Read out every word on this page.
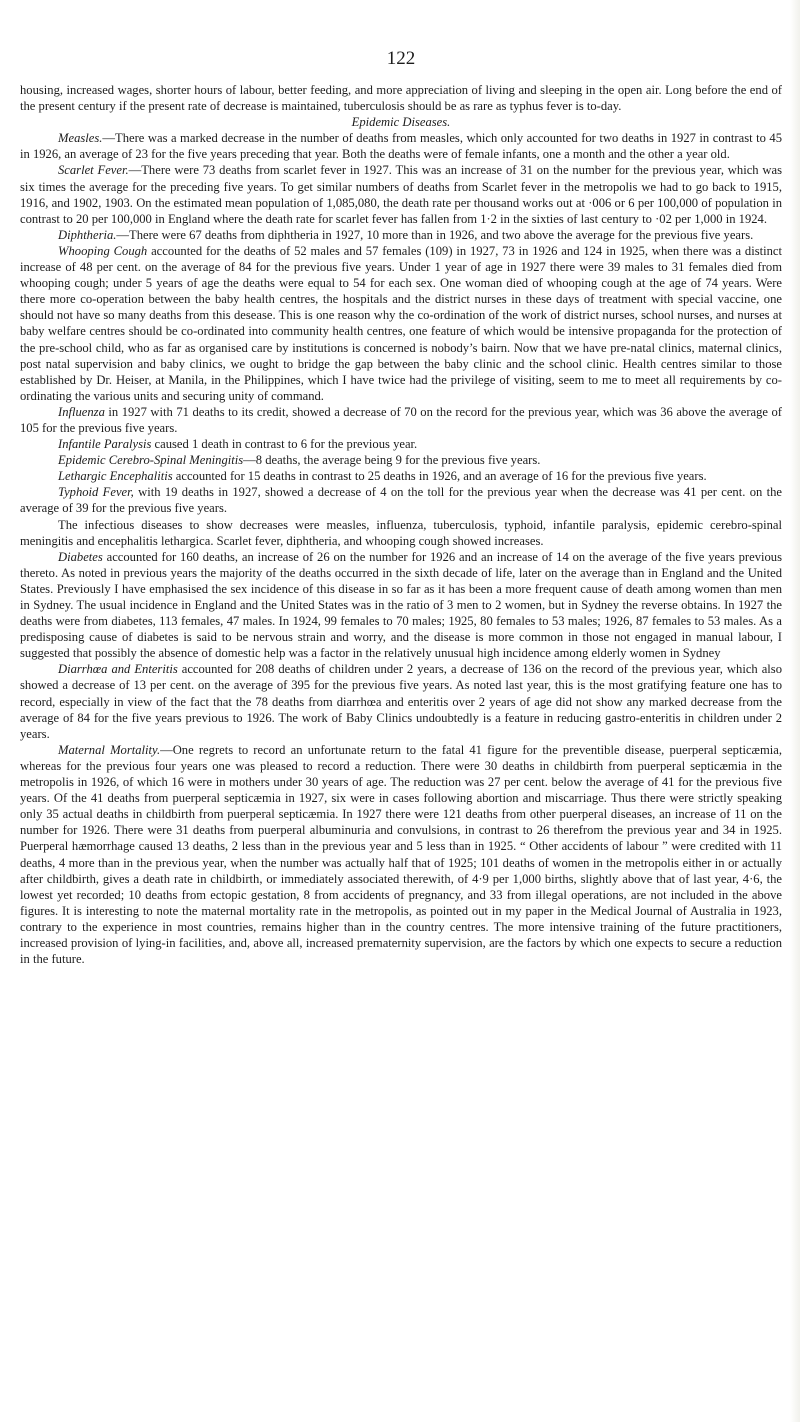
122

housing, increased wages, shorter hours of labour, better feeding, and more appreciation of living and sleeping in the open air. Long before the end of the present century if the present rate of decrease is maintained, tuberculosis should be as rare as typhus fever is to-day.

Epidemic Diseases.

Measles.—There was a marked decrease in the number of deaths from measles, which only accounted for two deaths in 1927 in contrast to 45 in 1926, an average of 23 for the five years preceding that year. Both the deaths were of female infants, one a month and the other a year old.

Scarlet Fever.—There were 73 deaths from scarlet fever in 1927. This was an increase of 31 on the number for the previous year, which was six times the average for the preceding five years. To get similar numbers of deaths from Scarlet fever in the metropolis we had to go back to 1915, 1916, and 1902, 1903. On the estimated mean population of 1,085,080, the death rate per thousand works out at ·006 or 6 per 100,000 of population in contrast to 20 per 100,000 in England where the death rate for scarlet fever has fallen from 1·2 in the sixties of last century to ·02 per 1,000 in 1924.

Diphtheria.—There were 67 deaths from diphtheria in 1927, 10 more than in 1926, and two above the average for the previous five years.

Whooping Cough accounted for the deaths of 52 males and 57 females (109) in 1927, 73 in 1926 and 124 in 1925, when there was a distinct increase of 48 per cent. on the average of 84 for the previous five years. Under 1 year of age in 1927 there were 39 males to 31 females died from whooping cough; under 5 years of age the deaths were equal to 54 for each sex. One woman died of whooping cough at the age of 74 years. Were there more co-operation between the baby health centres, the hospitals and the district nurses in these days of treatment with special vaccine, one should not have so many deaths from this desease. This is one reason why the co-ordination of the work of district nurses, school nurses, and nurses at baby welfare centres should be co-ordinated into community health centres, one feature of which would be intensive propaganda for the protection of the pre-school child, who as far as organised care by institutions is concerned is nobody’s bairn. Now that we have pre-natal clinics, maternal clinics, post natal supervision and baby clinics, we ought to bridge the gap between the baby clinic and the school clinic. Health centres similar to those established by Dr. Heiser, at Manila, in the Philippines, which I have twice had the privilege of visiting, seem to me to meet all requirements by co-ordinating the various units and securing unity of command.

Influenza in 1927 with 71 deaths to its credit, showed a decrease of 70 on the record for the previous year, which was 36 above the average of 105 for the previous five years.

Infantile Paralysis caused 1 death in contrast to 6 for the previous year.

Epidemic Cerebro-Spinal Meningitis—8 deaths, the average being 9 for the previous five years.

Lethargic Encephalitis accounted for 15 deaths in contrast to 25 deaths in 1926, and an average of 16 for the previous five years.

Typhoid Fever, with 19 deaths in 1927, showed a decrease of 4 on the toll for the previous year when the decrease was 41 per cent. on the average of 39 for the previous five years.

The infectious diseases to show decreases were measles, influenza, tuberculosis, typhoid, infantile paralysis, epidemic cerebro-spinal meningitis and encephalitis lethargica. Scarlet fever, diphtheria, and whooping cough showed increases.

Diabetes accounted for 160 deaths, an increase of 26 on the number for 1926 and an increase of 14 on the average of the five years previous thereto. As noted in previous years the majority of the deaths occurred in the sixth decade of life, later on the average than in England and the United States. Previously I have emphasised the sex incidence of this disease in so far as it has been a more frequent cause of death among women than men in Sydney. The usual incidence in England and the United States was in the ratio of 3 men to 2 women, but in Sydney the reverse obtains. In 1927 the deaths were from diabetes, 113 females, 47 males. In 1924, 99 females to 70 males; 1925, 80 females to 53 males; 1926, 87 females to 53 males. As a predisposing cause of diabetes is said to be nervous strain and worry, and the disease is more common in those not engaged in manual labour, I suggested that possibly the absence of domestic help was a factor in the relatively unusual high incidence among elderly women in Sydney

Diarrhœa and Enteritis accounted for 208 deaths of children under 2 years, a decrease of 136 on the record of the previous year, which also showed a decrease of 13 per cent. on the average of 395 for the previous five years. As noted last year, this is the most gratifying feature one has to record, especially in view of the fact that the 78 deaths from diarrhœa and enteritis over 2 years of age did not show any marked decrease from the average of 84 for the five years previous to 1926. The work of Baby Clinics undoubtedly is a feature in reducing gastro-enteritis in children under 2 years.

Maternal Mortality.—One regrets to record an unfortunate return to the fatal 41 figure for the preventible disease, puerperal septicæmia, whereas for the previous four years one was pleased to record a reduction. There were 30 deaths in childbirth from puerperal septicæmia in the metropolis in 1926, of which 16 were in mothers under 30 years of age. The reduction was 27 per cent. below the average of 41 for the previous five years. Of the 41 deaths from puerperal septicæmia in 1927, six were in cases following abortion and miscarriage. Thus there were strictly speaking only 35 actual deaths in childbirth from puerperal septicæmia. In 1927 there were 121 deaths from other puerperal diseases, an increase of 11 on the number for 1926. There were 31 deaths from puerperal albuminuria and convulsions, in contrast to 26 therefrom the previous year and 34 in 1925. Puerperal hæmorrhage caused 13 deaths, 2 less than in the previous year and 5 less than in 1925. “ Other accidents of labour ” were credited with 11 deaths, 4 more than in the previous year, when the number was actually half that of 1925; 101 deaths of women in the metropolis either in or actually after childbirth, gives a death rate in childbirth, or immediately associated therewith, of 4·9 per 1,000 births, slightly above that of last year, 4·6, the lowest yet recorded; 10 deaths from ectopic gestation, 8 from accidents of pregnancy, and 33 from illegal operations, are not included in the above figures. It is interesting to note the maternal mortality rate in the metropolis, as pointed out in my paper in the Medical Journal of Australia in 1923, contrary to the experience in most countries, remains higher than in the country centres. The more intensive training of the future practitioners, increased provision of lying-in facilities, and, above all, increased prematernity supervision, are the factors by which one expects to secure a reduction in the future.
